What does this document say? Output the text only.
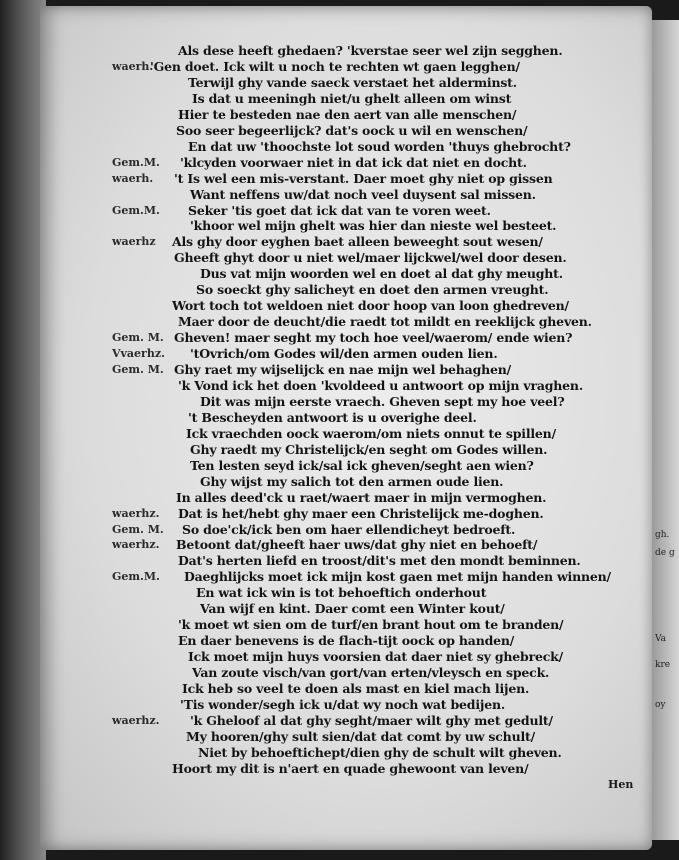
gh.
de g
Va
kre
oy
Als dese heeft ghedaen? 'kverstae seer wel zijn segghen.
waerh.
'Gen doet. Ick wilt u noch te rechten wt gaen legghen/
Terwijl ghy vande saeck verstaet het alderminst.
Is dat u meeningh niet/u ghelt alleen om winst
Hier te besteden nae den aert van alle menschen/
Soo seer begeerlijck? dat's oock u wil en wenschen/
En dat uw 'thoochste lot soud worden 'thuys ghebrocht?
Gem.M.	'klcyden voorwaer niet in dat ick dat niet en docht.
waerh.	't Is wel een mis-verstant. Daer moet ghy niet op gissen
Want neffens uw/dat noch veel duysent sal missen.
Gem.M.	Seker 'tis goet dat ick dat van te voren weet.
'khoor wel mijn ghelt was hier dan nieste wel besteet.
waerhz	Als ghy door eyghen baet alleen beweeght sout wesen/
Gheeft ghyt door u niet wel/maer lijckwel/wel door desen.
Dus vat mijn woorden wel en doet al dat ghy meught.
So soeckt ghy salicheyt en doet den armen vreught.
Wort toch tot weldoen niet door hoop van loon ghedreven/
Maer door de deucht/die raedt tot mildt en reeklijck gheven.
Gem. M. Gheven! maer seght my toch hoe veel/waerom/ ende wien?
Vvaerhz.	'tOvrich/om Godes wil/den armen ouden lien.
Gem. M. Ghy raet my wijselijck en nae mijn wel behaghen/
'k Vond ick het doen 'kvoldeed u antwoort op mijn vraghen.
Dit was mijn eerste vraech. Gheven sept my hoe veel?
't Bescheyden antwoort is u overighe deel.
Ick vraechden oock waerom/om niets onnut te spillen/
Ghy raedt my Christelijck/en seght om Godes willen.
Ten lesten seyd ick/sal ick gheven/seght aen wien?
Ghy wijst my salich tot den armen oude lien.
In alles deed'ck u raet/waert maer in mijn vermoghen.
waerhz.	Dat is het/hebt ghy maer een Christelijck me-doghen.
Gem. M.	So doe'ck/ick ben om haer ellendicheyt bedroeft.
waerhz.	Betoont dat/gheeft haer uws/dat ghy niet en behoeft/
Dat's herten liefd en troost/dit's met den mondt beminnen.
Gem.M.	Daeghlijcks moet ick mijn kost gaen met mijn handen winnen/
En wat ick win is tot behoeftich onderhout
Van wijf en kint. Daer comt een Winter kout/
'k moet wt sien om de turf/en brant hout om te branden/
En daer benevens is de flach-tijt oock op handen/
Ick moet mijn huys voorsien dat daer niet sy ghebreck/
Van zoute visch/van gort/van erten/vleysch en speck.
Ick heb so veel te doen als mast en kiel mach lijen.
'Tis wonder/segh ick u/dat wy noch wat bedijen.
waerhz.	'k Gheloof al dat ghy seght/maer wilt ghy met gedult/
My hooren/ghy sult sien/dat dat comt by uw schult/
Niet by behoeftichept/dien ghy de schult wilt gheven.
Hoort my dit is n'aert en quade ghewoont van leven/
Hen
